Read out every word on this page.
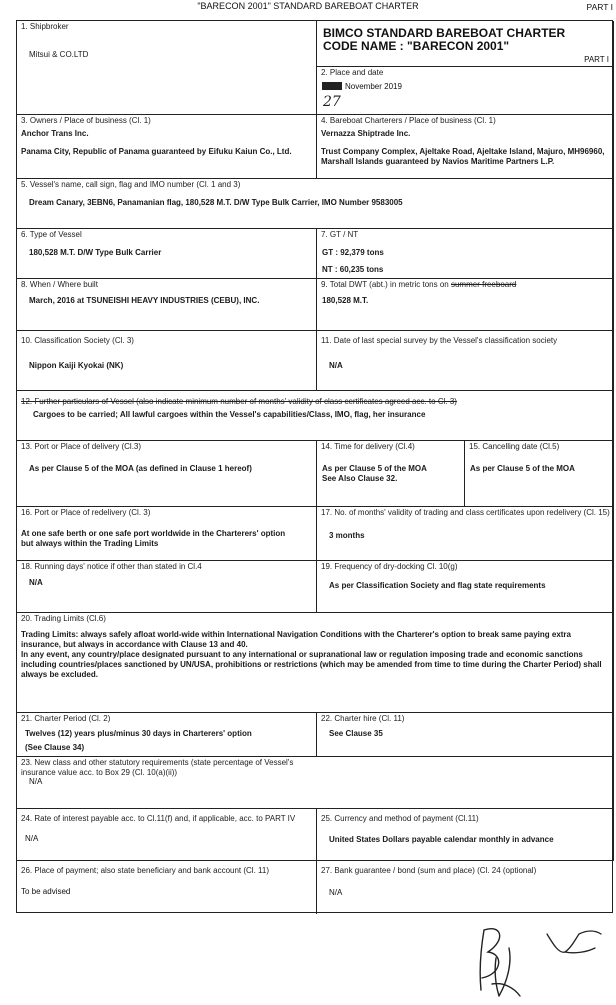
"BARECON 2001" STANDARD BAREBOAT CHARTER	PART I
1. Shipbroker
Mitsui & CO.LTD
BIMCO STANDARD BAREBOAT CHARTER
CODE NAME : "BARECON 2001"
PART I
2. Place and date
November 2019
27
3. Owners / Place of business (Cl. 1)
Anchor Trans Inc.
Panama City, Republic of Panama guaranteed by Eifuku Kaiun Co., Ltd.
4. Bareboat Charterers / Place of business (Cl. 1)
Vernazza Shiptrade Inc.
Trust Company Complex, Ajeltake Road, Ajeltake Island, Majuro, MH96960, Marshall Islands guaranteed by Navios Maritime Partners L.P.
5. Vessel's name, call sign, flag and IMO number (Cl. 1 and 3)
Dream Canary, 3EBN6, Panamanian flag, 180,528 M.T. D/W Type Bulk Carrier, IMO Number 9583005
6. Type of Vessel
180,528 M.T. D/W Type Bulk Carrier
7. GT / NT
GT : 92,379 tons
NT : 60,235 tons
8. When / Where built
March, 2016 at TSUNEISHI HEAVY INDUSTRIES (CEBU), INC.
9. Total DWT (abt.) in metric tons on summer freeboard
180,528 M.T.
10. Classification Society (Cl. 3)
Nippon Kaiji Kyokai (NK)
11. Date of last special survey by the Vessel's classification society
N/A
12. Further particulars of Vessel (also indicate minimum number of months' validity of class certificates agreed acc. to Cl. 3)
Cargoes to be carried; All lawful cargoes within the Vessel's capabilities/Class, IMO, flag, her insurance
13. Port or Place of delivery (Cl.3)
As per Clause 5 of the MOA (as defined in Clause 1 hereof)
14. Time for delivery (Cl.4)
As per Clause 5 of the MOA
See Also Clause 32.
15. Cancelling date (Cl.5)
As per Clause 5 of the MOA
16. Port or Place of redelivery (Cl. 3)
At one safe berth or one safe port worldwide in the Charterers' option but always within the Trading Limits
17. No. of months' validity of trading and class certificates upon redelivery (Cl. 15)
3 months
18. Running days' notice if other than stated in Cl.4
N/A
19. Frequency of dry-docking Cl. 10(g)
As per Classification Society and flag state requirements
20. Trading Limits (Cl.6)
Trading Limits: always safely afloat world-wide within International Navigation Conditions with the Charterer's option to break same paying extra insurance, but always in accordance with Clause 13 and 40.
In any event, any country/place designated pursuant to any international or supranational law or regulation imposing trade and economic sanctions including countries/places sanctioned by UN/USA, prohibitions or restrictions (which may be amended from time to time during the Charter Period) shall always be excluded.
21. Charter Period (Cl. 2)
Twelves (12) years plus/minus 30 days in Charterers' option
(See Clause 34)
22. Charter hire (Cl. 11)
See Clause 35
23. New class and other statutory requirements (state percentage of Vessel's insurance value acc. to Box 29 (Cl. 10(a)(ii))
N/A
24. Rate of interest payable acc. to Cl.11(f) and, if applicable, acc. to PART IV
N/A
25. Currency and method of payment (Cl.11)
United States Dollars payable calendar monthly in advance
26. Place of payment; also state beneficiary and bank account (Cl. 11)
To be advised
27. Bank guarantee / bond (sum and place) (Cl. 24 (optional)
N/A
